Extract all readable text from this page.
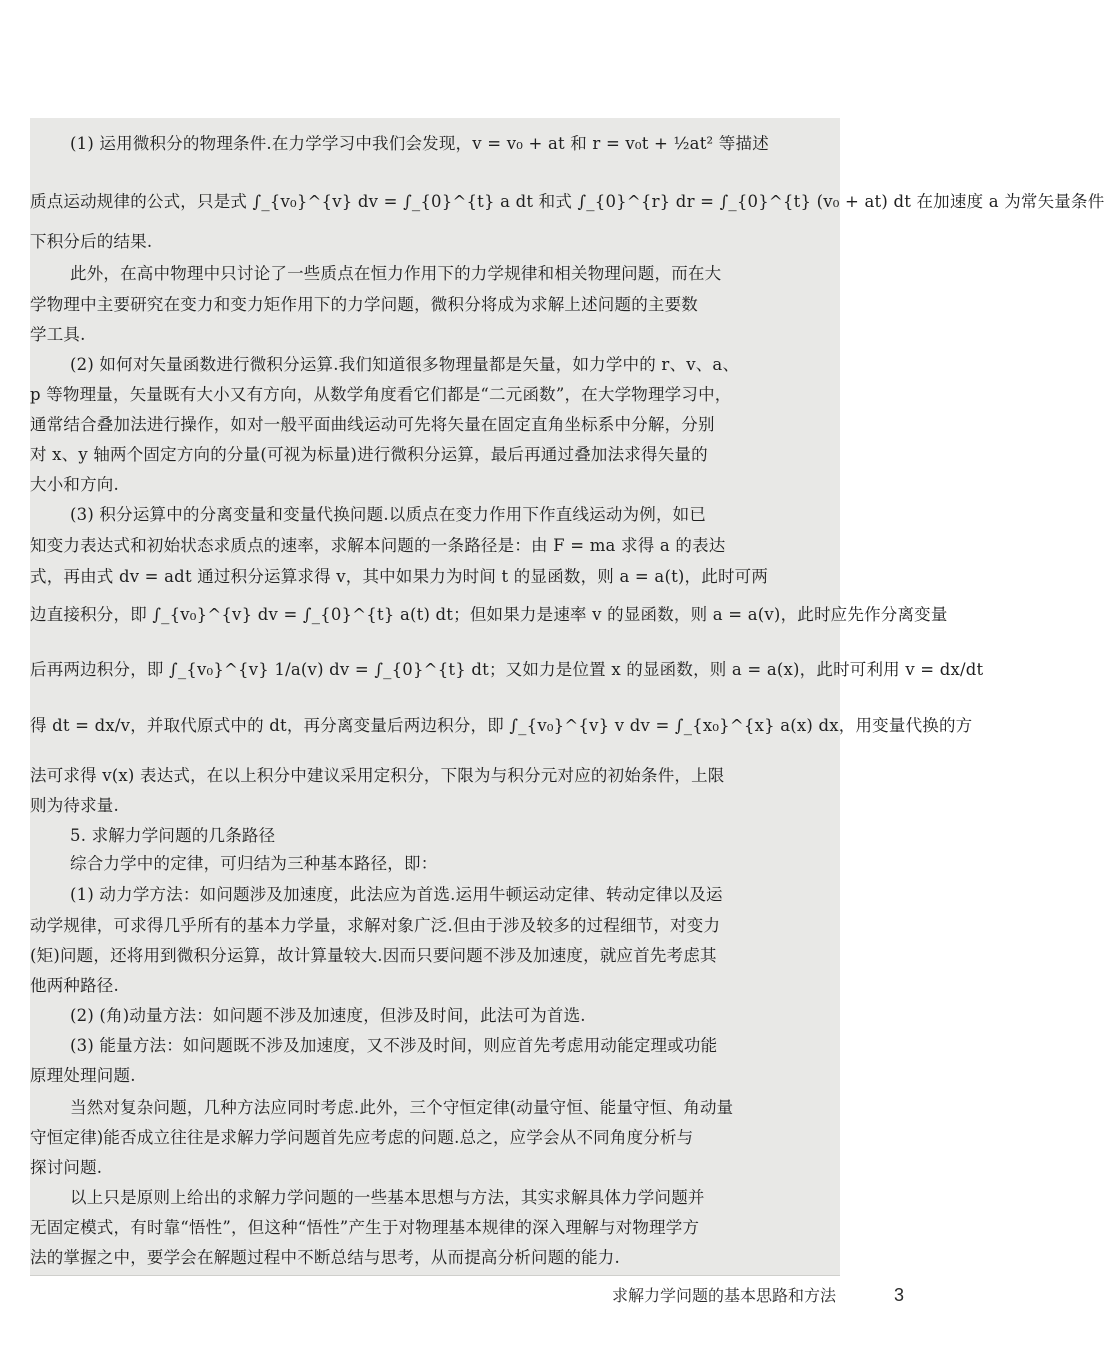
(1) 运用微积分的物理条件.在力学学习中我们会发现，v = v₀ + at 和 r = v₀t + ½at² 等描述
质点运动规律的公式，只是式 ∫_{v₀}^{v} dv = ∫_{0}^{t} a dt 和式 ∫_{0}^{r} dr = ∫_{0}^{t} (v₀ + at) dt 在加速度 a 为常矢量条件
下积分后的结果.
此外，在高中物理中只讨论了一些质点在恒力作用下的力学规律和相关物理问题，而在大
学物理中主要研究在变力和变力矩作用下的力学问题，微积分将成为求解上述问题的主要数
学工具.
(2) 如何对矢量函数进行微积分运算.我们知道很多物理量都是矢量，如力学中的 r、v、a、
p 等物理量，矢量既有大小又有方向，从数学角度看它们都是“二元函数”，在大学物理学习中，
通常结合叠加法进行操作，如对一般平面曲线运动可先将矢量在固定直角坐标系中分解，分别
对 x、y 轴两个固定方向的分量(可视为标量)进行微积分运算，最后再通过叠加法求得矢量的
大小和方向.
(3) 积分运算中的分离变量和变量代换问题.以质点在变力作用下作直线运动为例，如已
知变力表达式和初始状态求质点的速率，求解本问题的一条路径是：由 F = ma 求得 a 的表达
式，再由式 dv = adt 通过积分运算求得 v，其中如果力为时间 t 的显函数，则 a = a(t)，此时可两
边直接积分，即 ∫_{v₀}^{v} dv = ∫_{0}^{t} a(t) dt；但如果力是速率 v 的显函数，则 a = a(v)，此时应先作分离变量
后再两边积分，即 ∫_{v₀}^{v} 1/a(v) dv = ∫_{0}^{t} dt；又如力是位置 x 的显函数，则 a = a(x)，此时可利用 v = dx/dt
得 dt = dx/v，并取代原式中的 dt，再分离变量后两边积分，即 ∫_{v₀}^{v} v dv = ∫_{x₀}^{x} a(x) dx，用变量代换的方
法可求得 v(x) 表达式，在以上积分中建议采用定积分，下限为与积分元对应的初始条件，上限
则为待求量.
5. 求解力学问题的几条路径
综合力学中的定律，可归结为三种基本路径，即：
(1) 动力学方法：如问题涉及加速度，此法应为首选.运用牛顿运动定律、转动定律以及运
动学规律，可求得几乎所有的基本力学量，求解对象广泛.但由于涉及较多的过程细节，对变力
(矩)问题，还将用到微积分运算，故计算量较大.因而只要问题不涉及加速度，就应首先考虑其
他两种路径.
(2) (角)动量方法：如问题不涉及加速度，但涉及时间，此法可为首选.
(3) 能量方法：如问题既不涉及加速度，又不涉及时间，则应首先考虑用动能定理或功能
原理处理问题.
当然对复杂问题，几种方法应同时考虑.此外，三个守恒定律(动量守恒、能量守恒、角动量
守恒定律)能否成立往往是求解力学问题首先应考虑的问题.总之，应学会从不同角度分析与
探讨问题.
以上只是原则上给出的求解力学问题的一些基本思想与方法，其实求解具体力学问题并
无固定模式，有时靠“悟性”，但这种“悟性”产生于对物理基本规律的深入理解与对物理学方
法的掌握之中，要学会在解题过程中不断总结与思考，从而提高分析问题的能力.
求解力学问题的基本思路和方法	3
